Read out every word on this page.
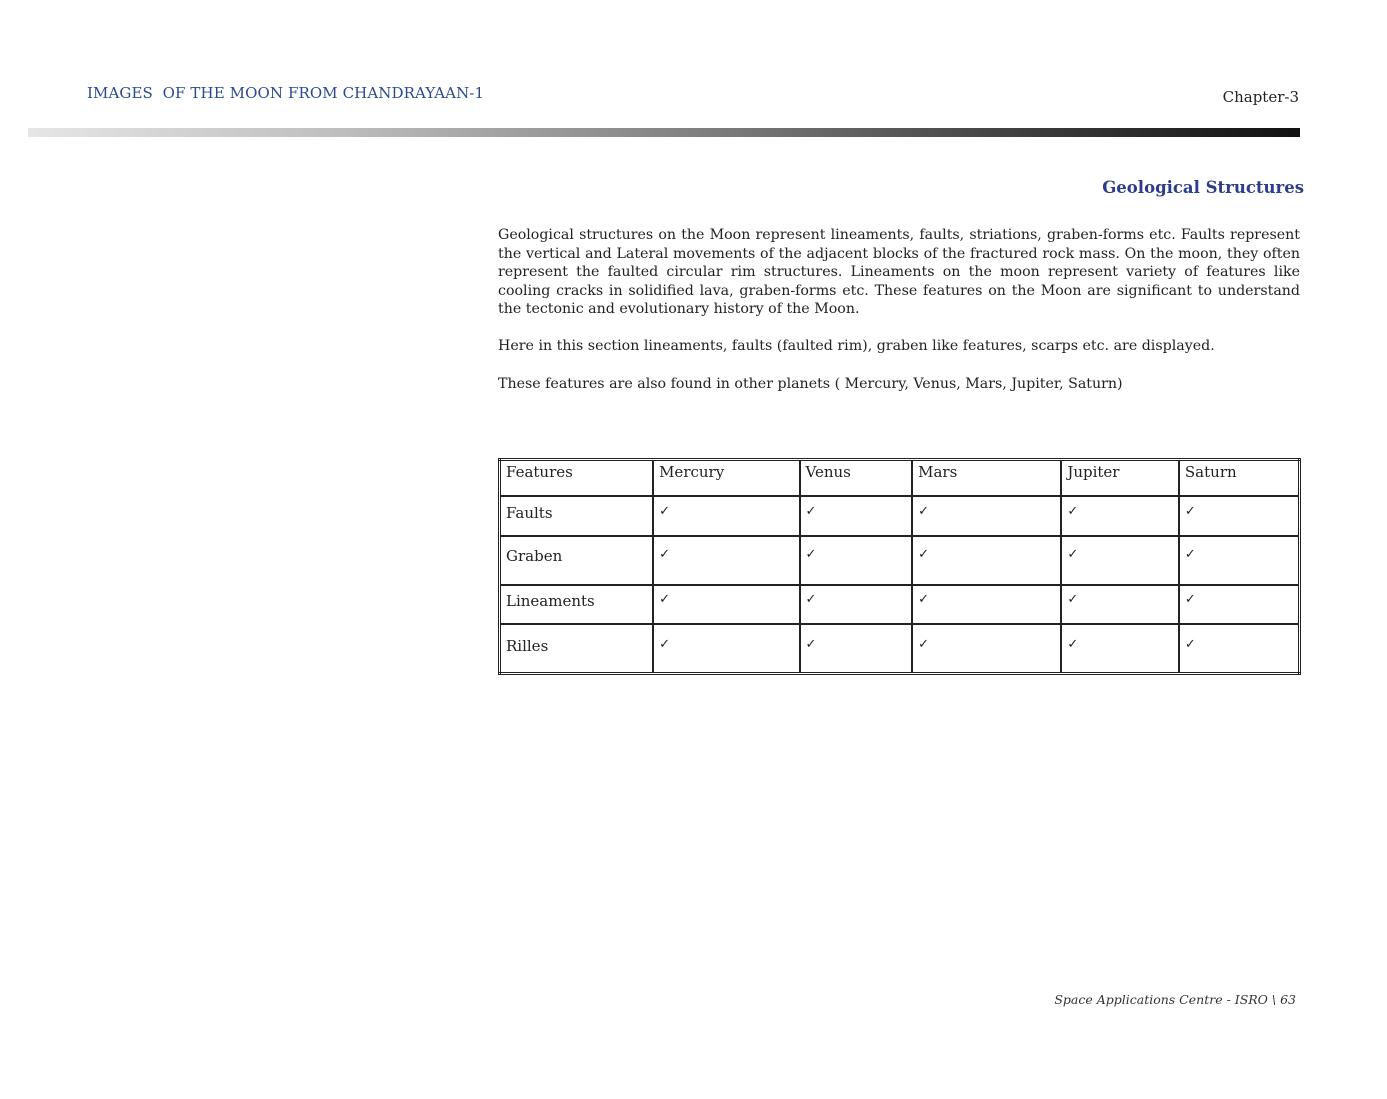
IMAGES  OF THE MOON FROM CHANDRAYAAN-1	Chapter-3
Geological Structures

Geological structures on the Moon represent lineaments, faults, striations, graben-forms etc. Faults represent the vertical and Lateral movements of the adjacent blocks of the fractured rock mass. On the moon, they often represent the faulted circular rim structures. Lineaments on the moon represent variety of features like cooling cracks in solidified lava, graben-forms etc. These features on the Moon are significant to understand the tectonic and evolutionary history of the Moon.

Here in this section lineaments, faults (faulted rim), graben like features, scarps etc. are displayed.

These features are also found in other planets ( Mercury, Venus, Mars, Jupiter, Saturn)

Features	Mercury	Venus	Mars	Jupiter	Saturn
Faults	✓	✓	✓	✓	✓
Graben	✓	✓	✓	✓	✓
Lineaments	✓	✓	✓	✓	✓
Rilles	✓	✓	✓	✓	✓
Space Applications Centre - ISRO \ 63
